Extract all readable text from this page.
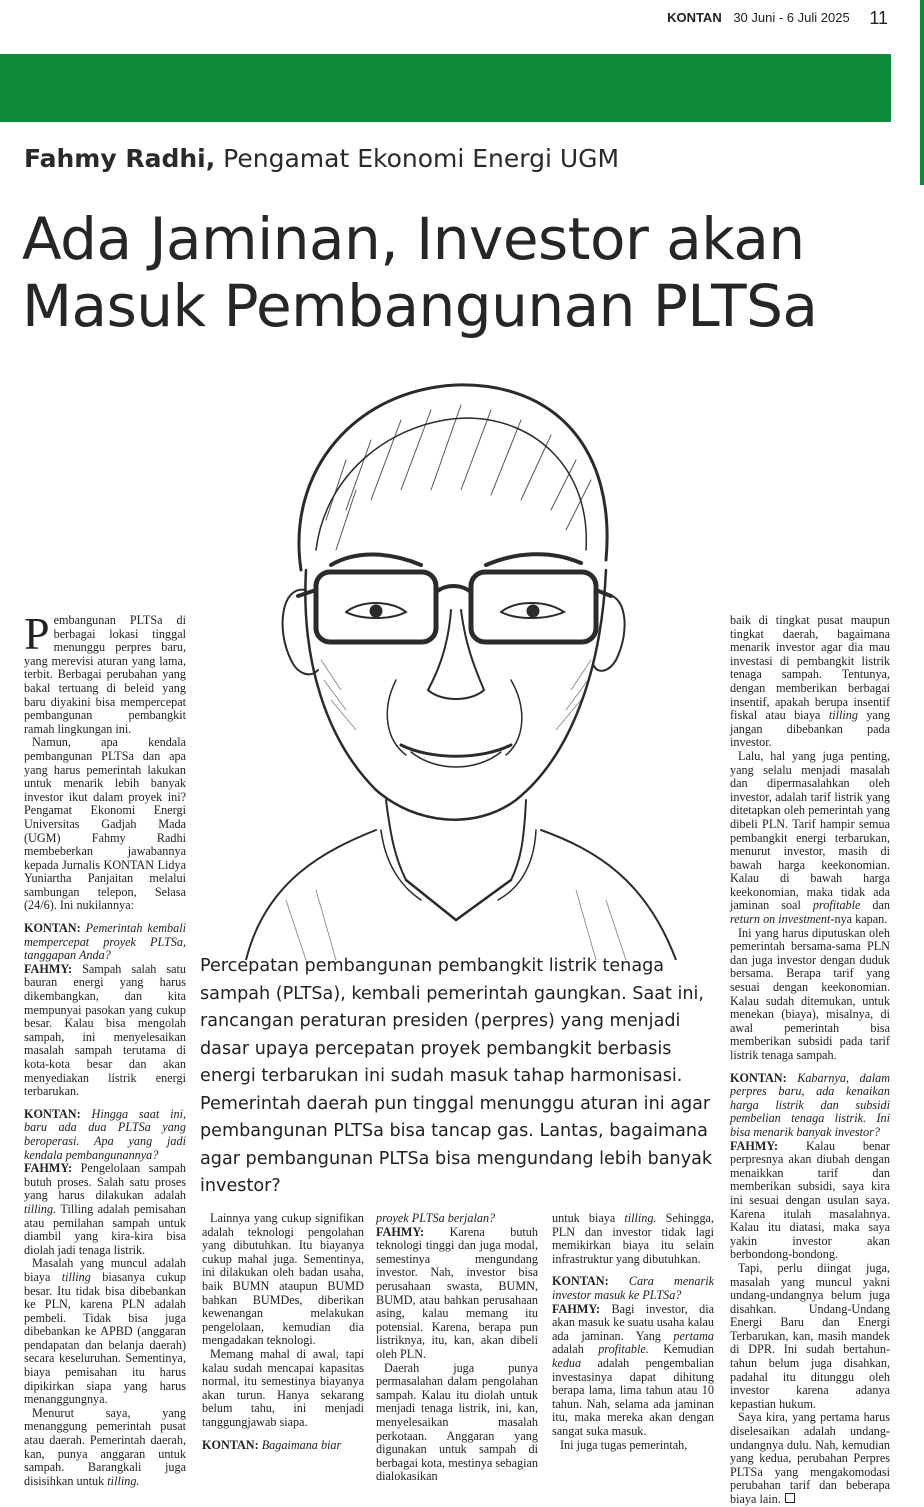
KONTAN 30 Juni - 6 Juli 2025 11
Fahmy Radhi, Pengamat Ekonomi Energi UGM
Ada Jaminan, Investor akan Masuk Pembangunan PLTSa

Pembangunan PLTSa di berbagai lokasi tinggal menunggu perpres baru, yang merevisi aturan yang lama, terbit. Berbagai perubahan yang bakal tertuang di beleid yang baru diyakini bisa mempercepat pembangunan pembangkit ramah lingkungan ini.

Namun, apa kendala pembangunan PLTSa dan apa yang harus pemerintah lakukan untuk menarik lebih banyak investor ikut dalam proyek ini? Pengamat Ekonomi Energi Universitas Gadjah Mada (UGM) Fahmy Radhi membeberkan jawabannya kepada Jurnalis KONTAN Lidya Yuniartha Panjaitan melalui sambungan telepon, Selasa (24/6). Ini nukilannya:

KONTAN: Pemerintah kembali mempercepat proyek PLTSa, tanggapan Anda?

FAHMY: Sampah salah satu bauran energi yang harus dikembangkan, dan kita mempunyai pasokan yang cukup besar. Kalau bisa mengolah sampah, ini menyelesaikan masalah sampah terutama di kota-kota besar dan akan menyediakan listrik energi terbarukan.

KONTAN: Hingga saat ini, baru ada dua PLTSa yang beroperasi. Apa yang jadi kendala pembangunannya?

FAHMY: Pengelolaan sampah butuh proses. Salah satu proses yang harus dilakukan adalah tilling. Tilling adalah pemisahan atau pemilahan sampah untuk diambil yang kira-kira bisa diolah jadi tenaga listrik.

Masalah yang muncul adalah biaya tilling biasanya cukup besar. Itu tidak bisa dibebankan ke PLN, karena PLN adalah pembeli. Tidak bisa juga dibebankan ke APBD (anggaran pendapatan dan belanja daerah) secara keseluruhan. Sementinya, biaya pemisahan itu harus dipikirkan siapa yang harus menanggungnya.

Menurut saya, yang menanggung pemerintah pusat atau daerah. Pemerintah daerah, kan, punya anggaran untuk sampah. Barangkali juga disisihkan untuk tilling.

Percepatan pembangunan pembangkit listrik tenaga sampah (PLTSa), kembali pemerintah gaungkan. Saat ini, rancangan peraturan presiden (perpres) yang menjadi dasar upaya percepatan proyek pembangkit berbasis energi terbarukan ini sudah masuk tahap harmonisasi. Pemerintah daerah pun tinggal menunggu aturan ini agar pembangunan PLTSa bisa tancap gas. Lantas, bagaimana agar pembangunan PLTSa bisa mengundang lebih banyak investor?

Lainnya yang cukup signifikan adalah teknologi pengolahan yang dibutuhkan. Itu biayanya cukup mahal juga. Sementinya, ini dilakukan oleh badan usaha, baik BUMN ataupun BUMD bahkan BUMDes, diberikan kewenangan melakukan pengelolaan, kemudian dia mengadakan teknologi.

Memang mahal di awal, tapi kalau sudah mencapai kapasitas normal, itu semestinya biayanya akan turun. Hanya sekarang belum tahu, ini menjadi tanggungjawab siapa.

KONTAN: Bagaimana biar

proyek PLTSa berjalan?

FAHMY: Karena butuh teknologi tinggi dan juga modal, semestinya mengundang investor. Nah, investor bisa perusahaan swasta, BUMN, BUMD, atau bahkan perusahaan asing, kalau memang itu potensial. Karena, berapa pun listriknya, itu, kan, akan dibeli oleh PLN.

Daerah juga punya permasalahan dalam pengolahan sampah. Kalau itu diolah untuk menjadi tenaga listrik, ini, kan, menyelesaikan masalah perkotaan. Anggaran yang digunakan untuk sampah di berbagai kota, mestinya sebagian dialokasikan

untuk biaya tilling. Sehingga, PLN dan investor tidak lagi memikirkan biaya itu selain infrastruktur yang dibutuhkan.

KONTAN: Cara menarik investor masuk ke PLTSa?

FAHMY: Bagi investor, dia akan masuk ke suatu usaha kalau ada jaminan. Yang pertama adalah profitable. Kemudian kedua adalah pengembalian investasinya dapat dihitung berapa lama, lima tahun atau 10 tahun. Nah, selama ada jaminan itu, maka mereka akan dengan sangat suka masuk.

Ini juga tugas pemerintah,

baik di tingkat pusat maupun tingkat daerah, bagaimana menarik investor agar dia mau investasi di pembangkit listrik tenaga sampah. Tentunya, dengan memberikan berbagai insentif, apakah berupa insentif fiskal atau biaya tilling yang jangan dibebankan pada investor.

Lalu, hal yang juga penting, yang selalu menjadi masalah dan dipermasalahkan oleh investor, adalah tarif listrik yang ditetapkan oleh pemerintah yang dibeli PLN. Tarif hampir semua pembangkit energi terbarukan, menurut investor, masih di bawah harga keekonomian. Kalau di bawah harga keekonomian, maka tidak ada jaminan soal profitable dan return on investment-nya kapan.

Ini yang harus diputuskan oleh pemerintah bersama-sama PLN dan juga investor dengan duduk bersama. Berapa tarif yang sesuai dengan keekonomian. Kalau sudah ditemukan, untuk menekan (biaya), misalnya, di awal pemerintah bisa memberikan subsidi pada tarif listrik tenaga sampah.

KONTAN: Kabarnya, dalam perpres baru, ada kenaikan harga listrik dan subsidi pembelian tenaga listrik. Ini bisa menarik banyak investor?

FAHMY: Kalau benar perpresnya akan diubah dengan menaikkan tarif dan memberikan subsidi, saya kira ini sesuai dengan usulan saya. Karena itulah masalahnya. Kalau itu diatasi, maka saya yakin investor akan berbondong-bondong.

Tapi, perlu diingat juga, masalah yang muncul yakni undang-undangnya belum juga disahkan. Undang-Undang Energi Baru dan Energi Terbarukan, kan, masih mandek di DPR. Ini sudah bertahun-tahun belum juga disahkan, padahal itu ditunggu oleh investor karena adanya kepastian hukum.

Saya kira, yang pertama harus diselesaikan adalah undang-undangnya dulu. Nah, kemudian yang kedua, perubahan Perpres PLTSa yang mengakomodasi perubahan tarif dan beberapa biaya lain.
